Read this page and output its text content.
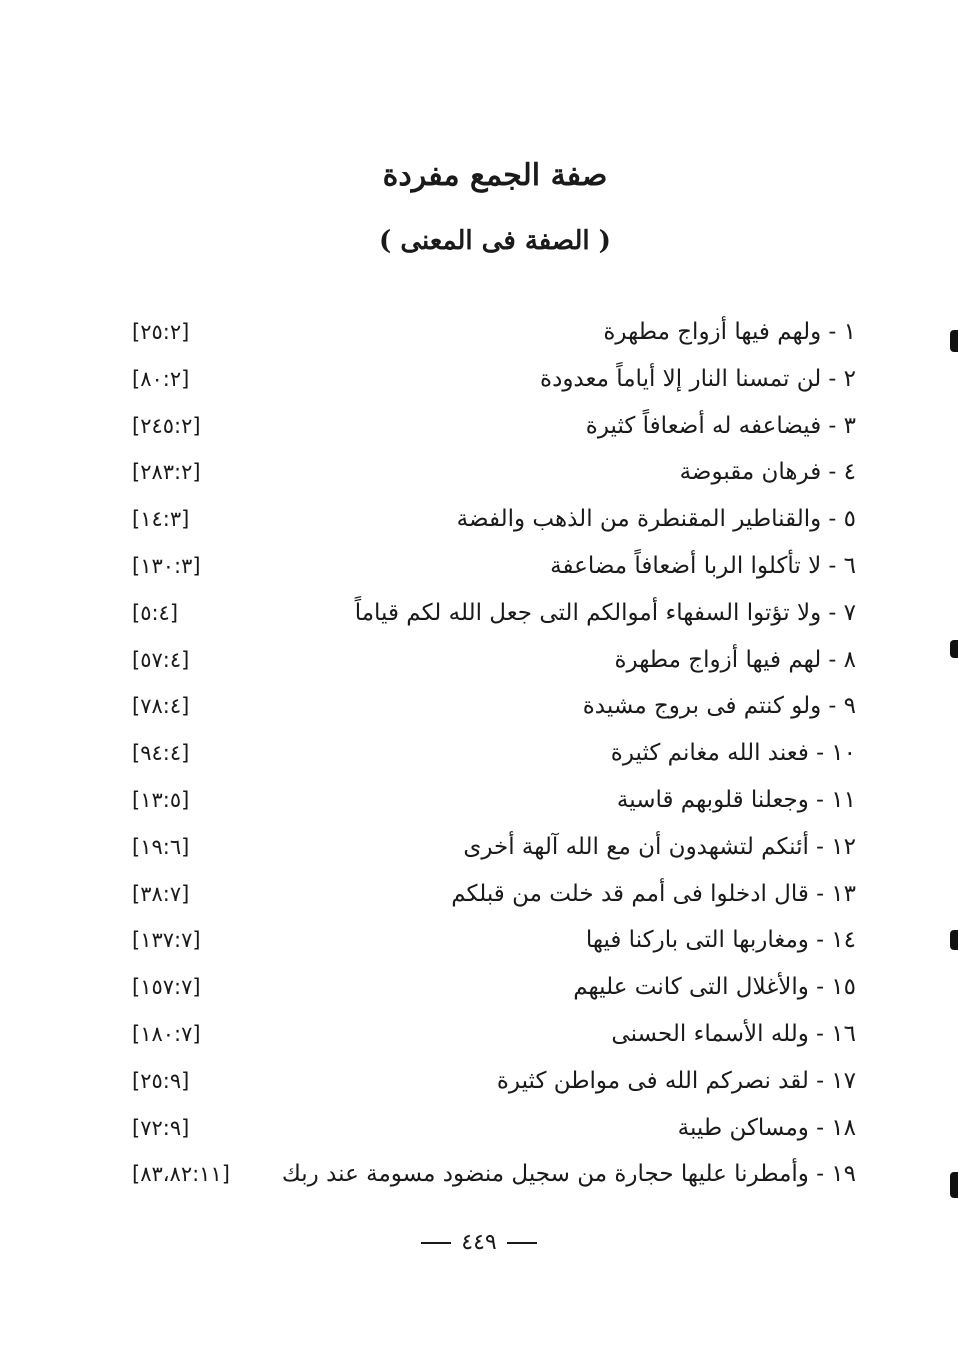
صفة الجمع مفردة
( الصفة فى المعنى )
١ - ولهم فيها أزواج مطهرة
[٢٥:٢]
٢ - لن تمسنا النار إلا أياماً معدودة
[٨٠:٢]
٣ - فيضاعفه له أضعافاً كثيرة
[٢٤٥:٢]
٤ - فرهان مقبوضة
[٢٨٣:٢]
٥ - والقناطير المقنطرة من الذهب والفضة
[١٤:٣]
٦ - لا تأكلوا الربا أضعافاً مضاعفة
[١٣٠:٣]
٧ - ولا تؤتوا السفهاء أموالكم التى جعل الله لكم قياماً
[٥:٤]
٨ - لهم فيها أزواج مطهرة
[٥٧:٤]
٩ - ولو كنتم فى بروج مشيدة
[٧٨:٤]
١٠ - فعند الله مغانم كثيرة
[٩٤:٤]
١١ - وجعلنا قلوبهم قاسية
[١٣:٥]
١٢ - أئنكم لتشهدون أن مع الله آلهة أخرى
[١٩:٦]
١٣ - قال ادخلوا فى أمم قد خلت من قبلكم
[٣٨:٧]
١٤ - ومغاربها التى باركنا فيها
[١٣٧:٧]
١٥ - والأغلال التى كانت عليهم
[١٥٧:٧]
١٦ - ولله الأسماء الحسنى
[١٨٠:٧]
١٧ - لقد نصركم الله فى مواطن كثيرة
[٢٥:٩]
١٨ - ومساكن طيبة
[٧٢:٩]
١٩ - وأمطرنا عليها حجارة من سجيل منضود مسومة عند ربك
[٨٣،٨٢:١١]
٤٤٩
